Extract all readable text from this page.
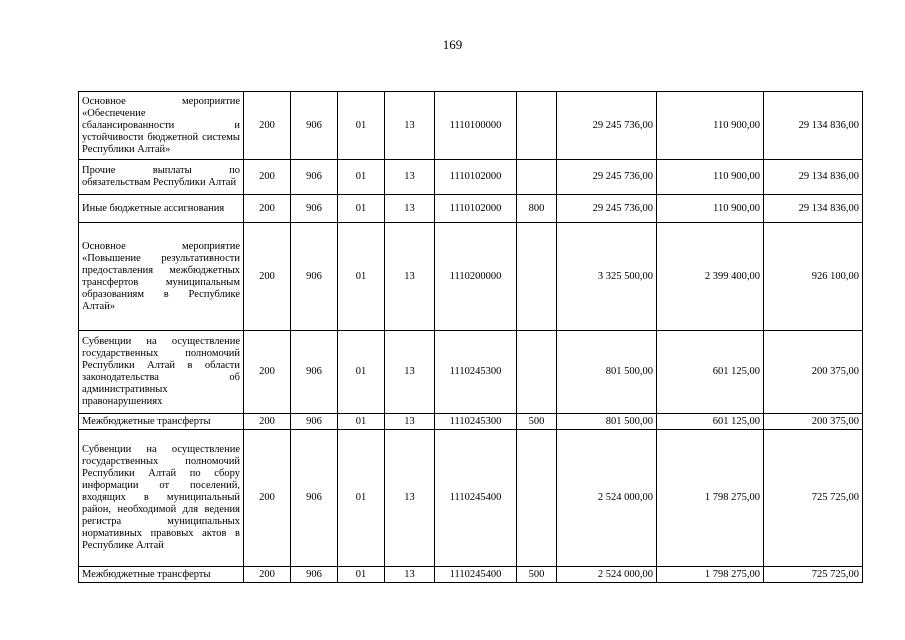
169
Основное мероприятие «Обеспечение сбалансированности и устойчивости бюджетной системы Республики Алтай»	200	906	01	13	1110100000		29 245 736,00	110 900,00	29 134 836,00
Прочие выплаты по обязательствам Республики Алтай	200	906	01	13	1110102000		29 245 736,00	110 900,00	29 134 836,00
Иные бюджетные ассигнования	200	906	01	13	1110102000	800	29 245 736,00	110 900,00	29 134 836,00
Основное мероприятие «Повышение результативности предоставления межбюджетных трансфертов муниципальным образованиям в Республике Алтай»	200	906	01	13	1110200000		3 325 500,00	2 399 400,00	926 100,00
Субвенции на осуществление государственных полномочий Республики Алтай в области законодательства об административных правонарушениях	200	906	01	13	1110245300		801 500,00	601 125,00	200 375,00
Межбюджетные трансферты	200	906	01	13	1110245300	500	801 500,00	601 125,00	200 375,00
Субвенции на осуществление государственных полномочий Республики Алтай по сбору информации от поселений, входящих в муниципальный район, необходимой для ведения регистра муниципальных нормативных правовых актов в Республике Алтай	200	906	01	13	1110245400		2 524 000,00	1 798 275,00	725 725,00
Межбюджетные трансферты	200	906	01	13	1110245400	500	2 524 000,00	1 798 275,00	725 725,00
